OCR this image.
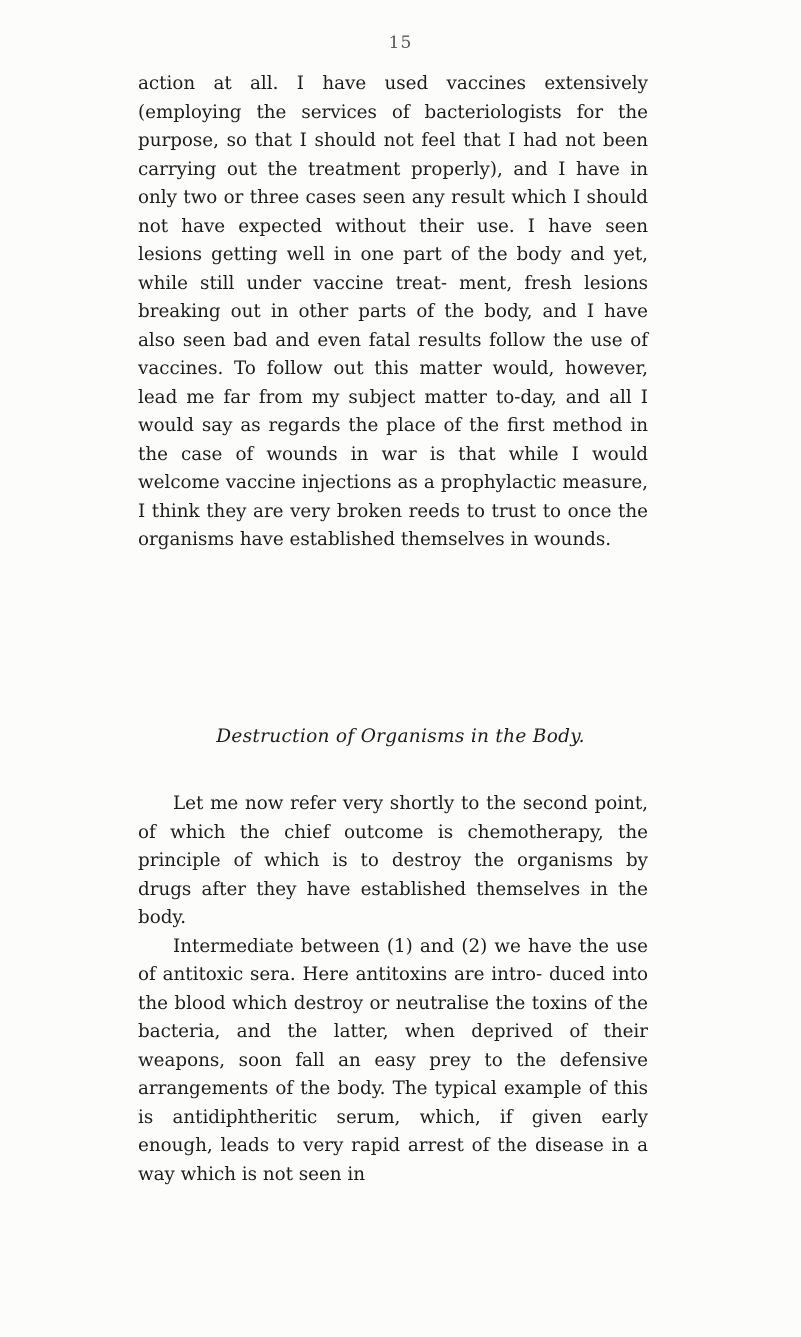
15

action at all. I have used vaccines extensively (employing the services of bacteriologists for the purpose, so that I should not feel that I had not been carrying out the treatment properly), and I have in only two or three cases seen any result which I should not have expected without their use. I have seen lesions getting well in one part of the body and yet, while still under vaccine treat- ment, fresh lesions breaking out in other parts of the body, and I have also seen bad and even fatal results follow the use of vaccines. To follow out this matter would, however, lead me far from my subject matter to-day, and all I would say as regards the place of the first method in the case of wounds in war is that while I would welcome vaccine injections as a prophylactic measure, I think they are very broken reeds to trust to once the organisms have established themselves in wounds.

Destruction of Organisms in the Body.

Let me now refer very shortly to the second point, of which the chief outcome is chemotherapy, the principle of which is to destroy the organisms by drugs after they have established themselves in the body.

Intermediate between (1) and (2) we have the use of antitoxic sera. Here antitoxins are intro- duced into the blood which destroy or neutralise the toxins of the bacteria, and the latter, when deprived of their weapons, soon fall an easy prey to the defensive arrangements of the body. The typical example of this is antidiphtheritic serum, which, if given early enough, leads to very rapid arrest of the disease in a way which is not seen in
